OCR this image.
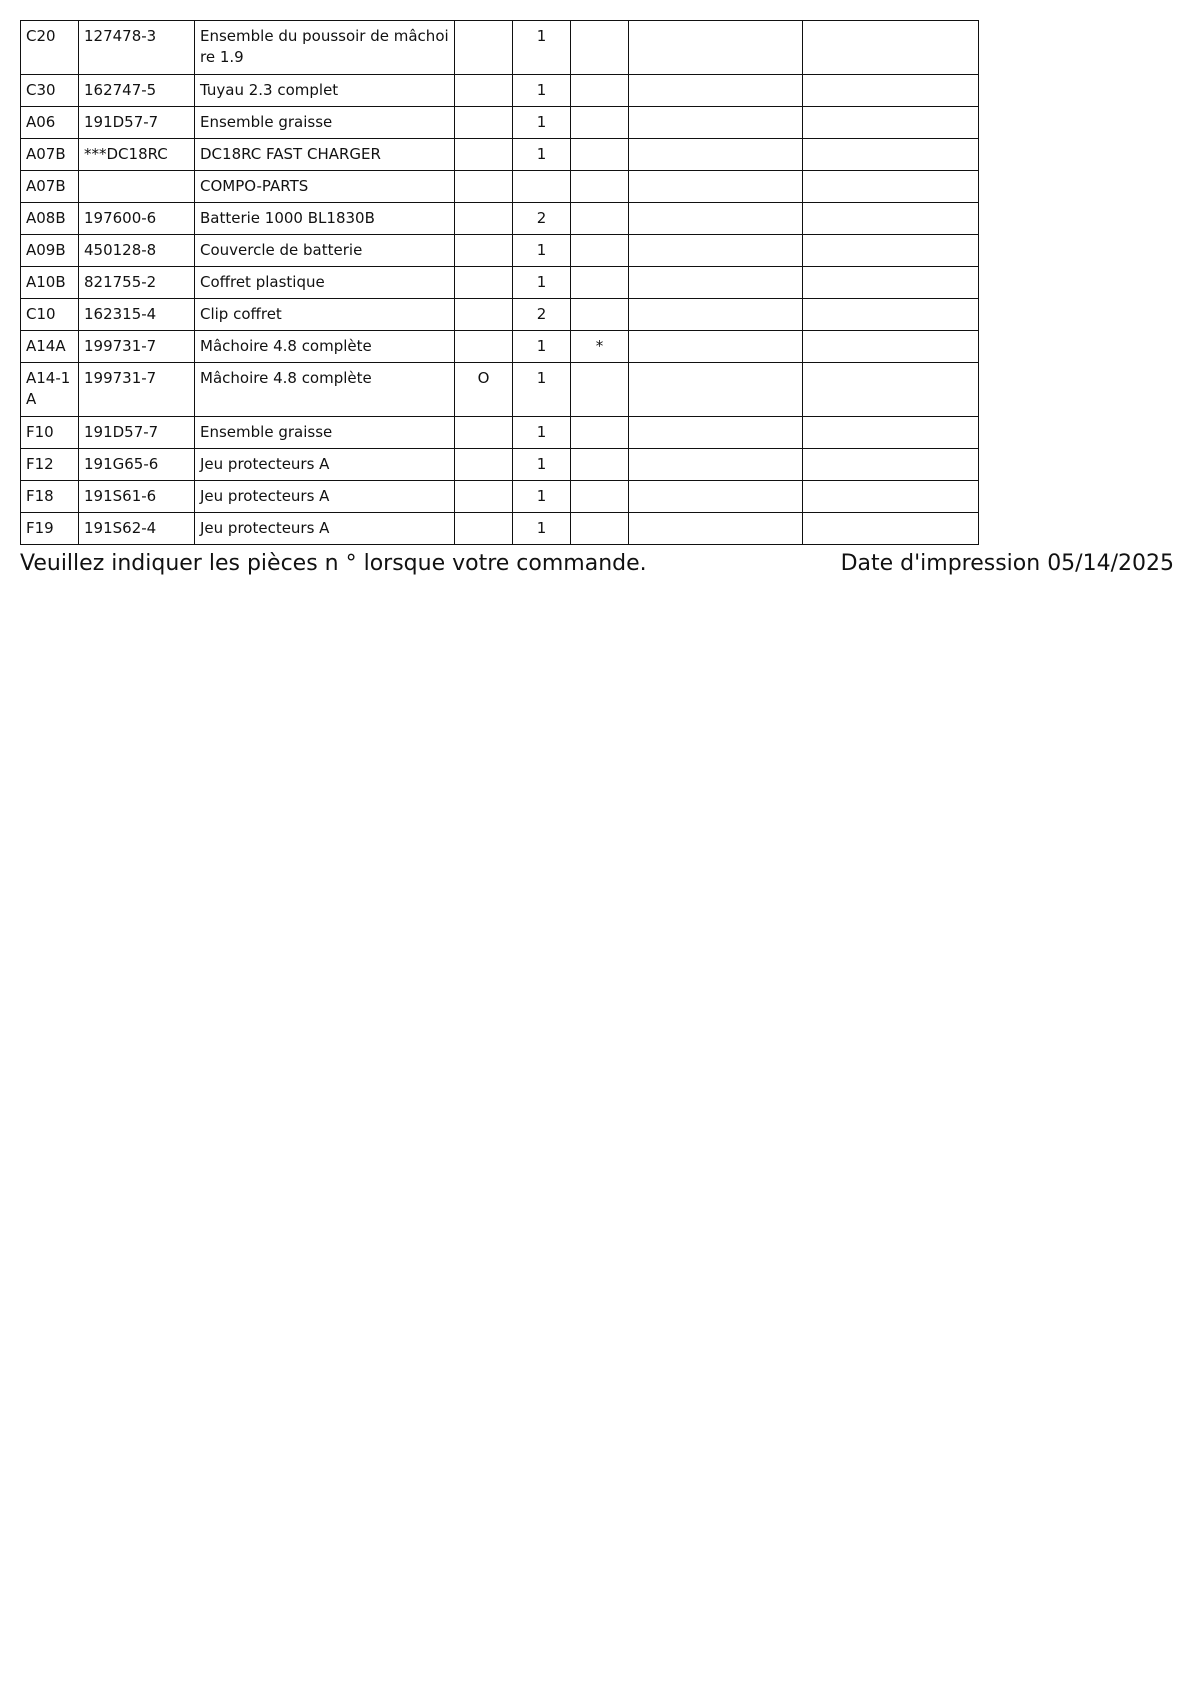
C20	127478-3	Ensemble du poussoir de mâchoire 1.9		1			
C30	162747-5	Tuyau 2.3 complet		1			
A06	191D57-7	Ensemble graisse		1			
A07B	***DC18RC	DC18RC FAST CHARGER		1			
A07B		COMPO-PARTS					
A08B	197600-6	Batterie 1000 BL1830B		2			
A09B	450128-8	Couvercle de batterie		1			
A10B	821755-2	Coffret plastique		1			
C10	162315-4	Clip coffret		2			
A14A	199731-7	Mâchoire 4.8 complète		1	*		
A14-1A	199731-7	Mâchoire 4.8 complète	O	1			
F10	191D57-7	Ensemble graisse		1			
F12	191G65-6	Jeu protecteurs A		1			
F18	191S61-6	Jeu protecteurs A		1			
F19	191S62-4	Jeu protecteurs A		1			
Veuillez indiquer les pièces n ° lorsque votre commande.	Date d'impression 05/14/2025
